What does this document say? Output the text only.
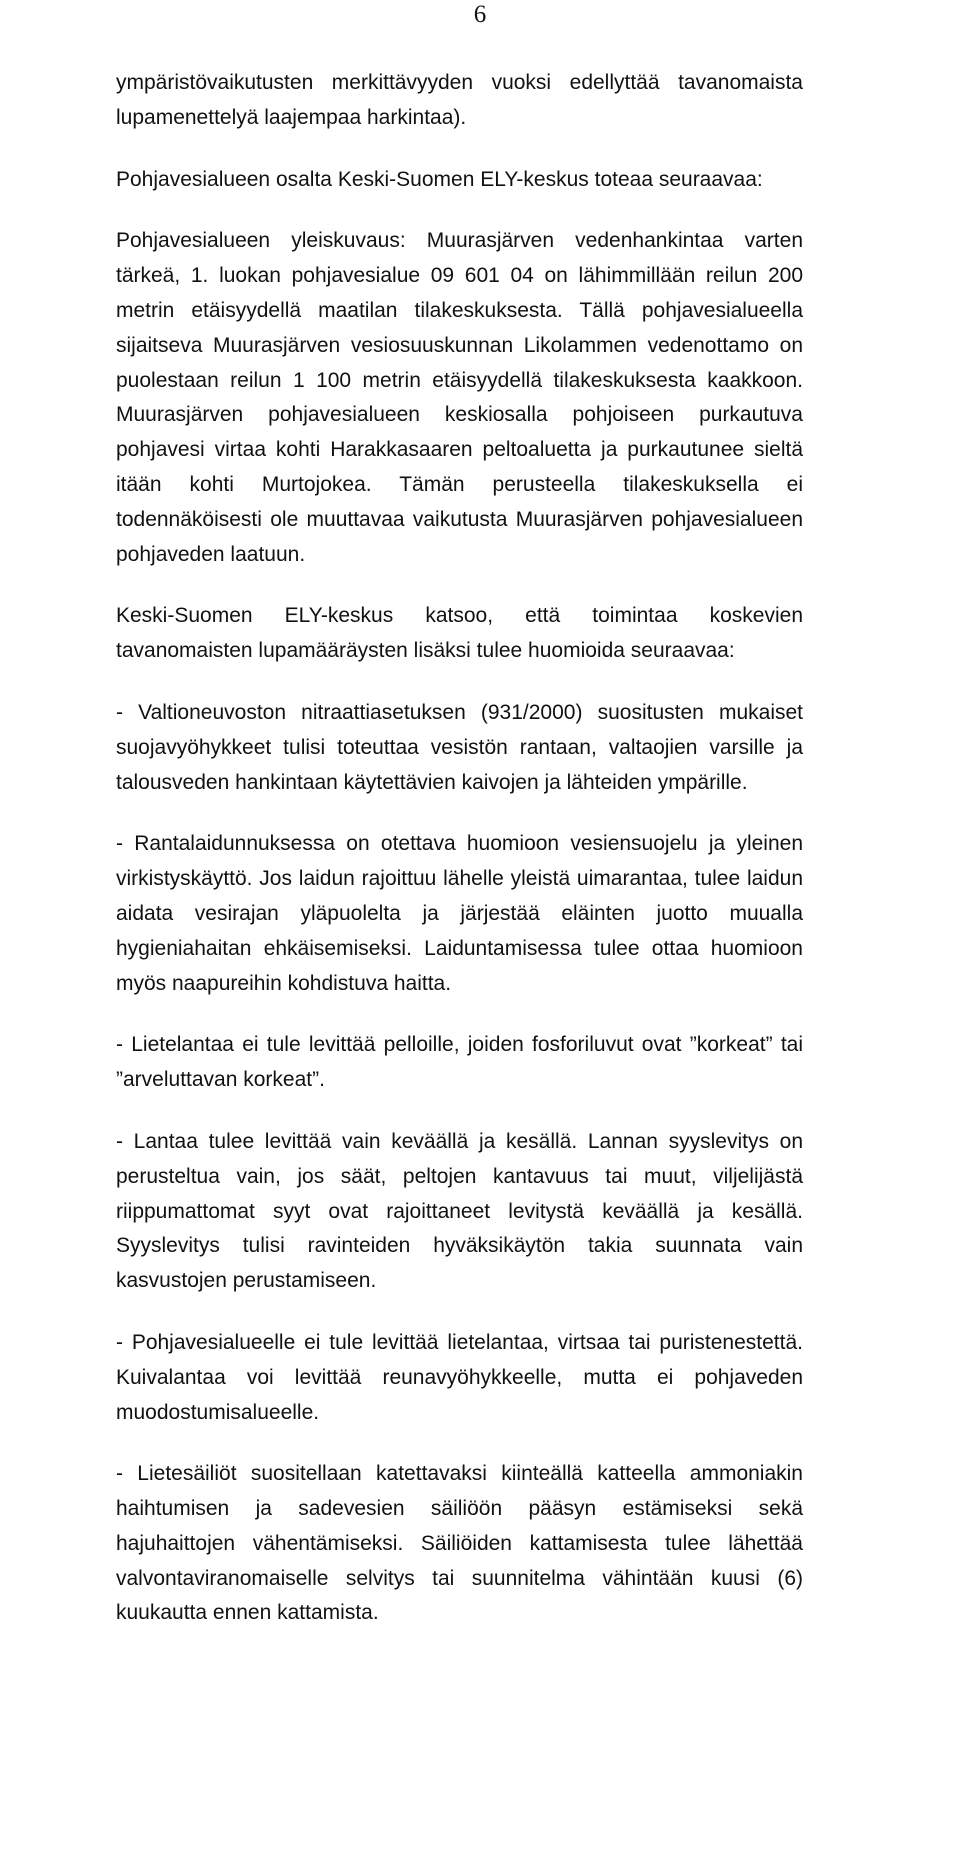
6

ympäristövaikutusten merkittävyyden vuoksi edellyttää tavanomaista lupamenettelyä laajempaa harkintaa).

Pohjavesialueen osalta Keski-Suomen ELY-keskus toteaa seuraavaa:

Pohjavesialueen yleiskuvaus: Muurasjärven vedenhankintaa varten tärkeä, 1. luokan pohjavesialue 09 601 04 on lähimmillään reilun 200 metrin etäisyydellä maatilan tilakeskuksesta. Tällä pohjavesialueella sijaitseva Muurasjärven vesiosuuskunnan Likolammen vedenottamo on puolestaan reilun 1 100 metrin etäisyydellä tilakeskuksesta kaakkoon. Muurasjärven pohjavesialueen keskiosalla pohjoiseen purkautuva pohjavesi virtaa kohti Harakkasaaren peltoaluetta ja purkautunee sieltä itään kohti Murtojokea. Tämän perusteella tilakeskuksella ei todennäköisesti ole muuttavaa vaikutusta Muurasjärven pohjavesialueen pohjaveden laatuun.

Keski-Suomen ELY-keskus katsoo, että toimintaa koskevien tavanomaisten lupamääräysten lisäksi tulee huomioida seuraavaa:

- Valtioneuvoston nitraattiasetuksen (931/2000) suositusten mukaiset suojavyöhykkeet tulisi toteuttaa vesistön rantaan, valtaojien varsille ja talousveden hankintaan käytettävien kaivojen ja lähteiden ympärille.

- Rantalaidunnuksessa on otettava huomioon vesiensuojelu ja yleinen virkistyskäyttö. Jos laidun rajoittuu lähelle yleistä uimarantaa, tulee laidun aidata vesirajan yläpuolelta ja järjestää eläinten juotto muualla hygieniahaitan ehkäisemiseksi. Laiduntamisessa tulee ottaa huomioon myös naapureihin kohdistuva haitta.

- Lietelantaa ei tule levittää pelloille, joiden fosforiluvut ovat ”korkeat” tai ”arveluttavan korkeat”.

- Lantaa tulee levittää vain keväällä ja kesällä. Lannan syyslevitys on perusteltua vain, jos säät, peltojen kantavuus tai muut, viljelijästä riippumattomat syyt ovat rajoittaneet levitystä keväällä ja kesällä. Syyslevitys tulisi ravinteiden hyväksikäytön takia suunnata vain kasvustojen perustamiseen.

- Pohjavesialueelle ei tule levittää lietelantaa, virtsaa tai puristenestettä. Kuivalantaa voi levittää reunavyöhykkeelle, mutta ei pohjaveden muodostumisalueelle.

- Lietesäiliöt suositellaan katettavaksi kiinteällä katteella ammoniakin haihtumisen ja sadevesien säiliöön pääsyn estämiseksi sekä hajuhaittojen vähentämiseksi. Säiliöiden kattamisesta tulee lähettää valvontaviranomaiselle selvitys tai suunnitelma vähintään kuusi (6) kuukautta ennen kattamista.
